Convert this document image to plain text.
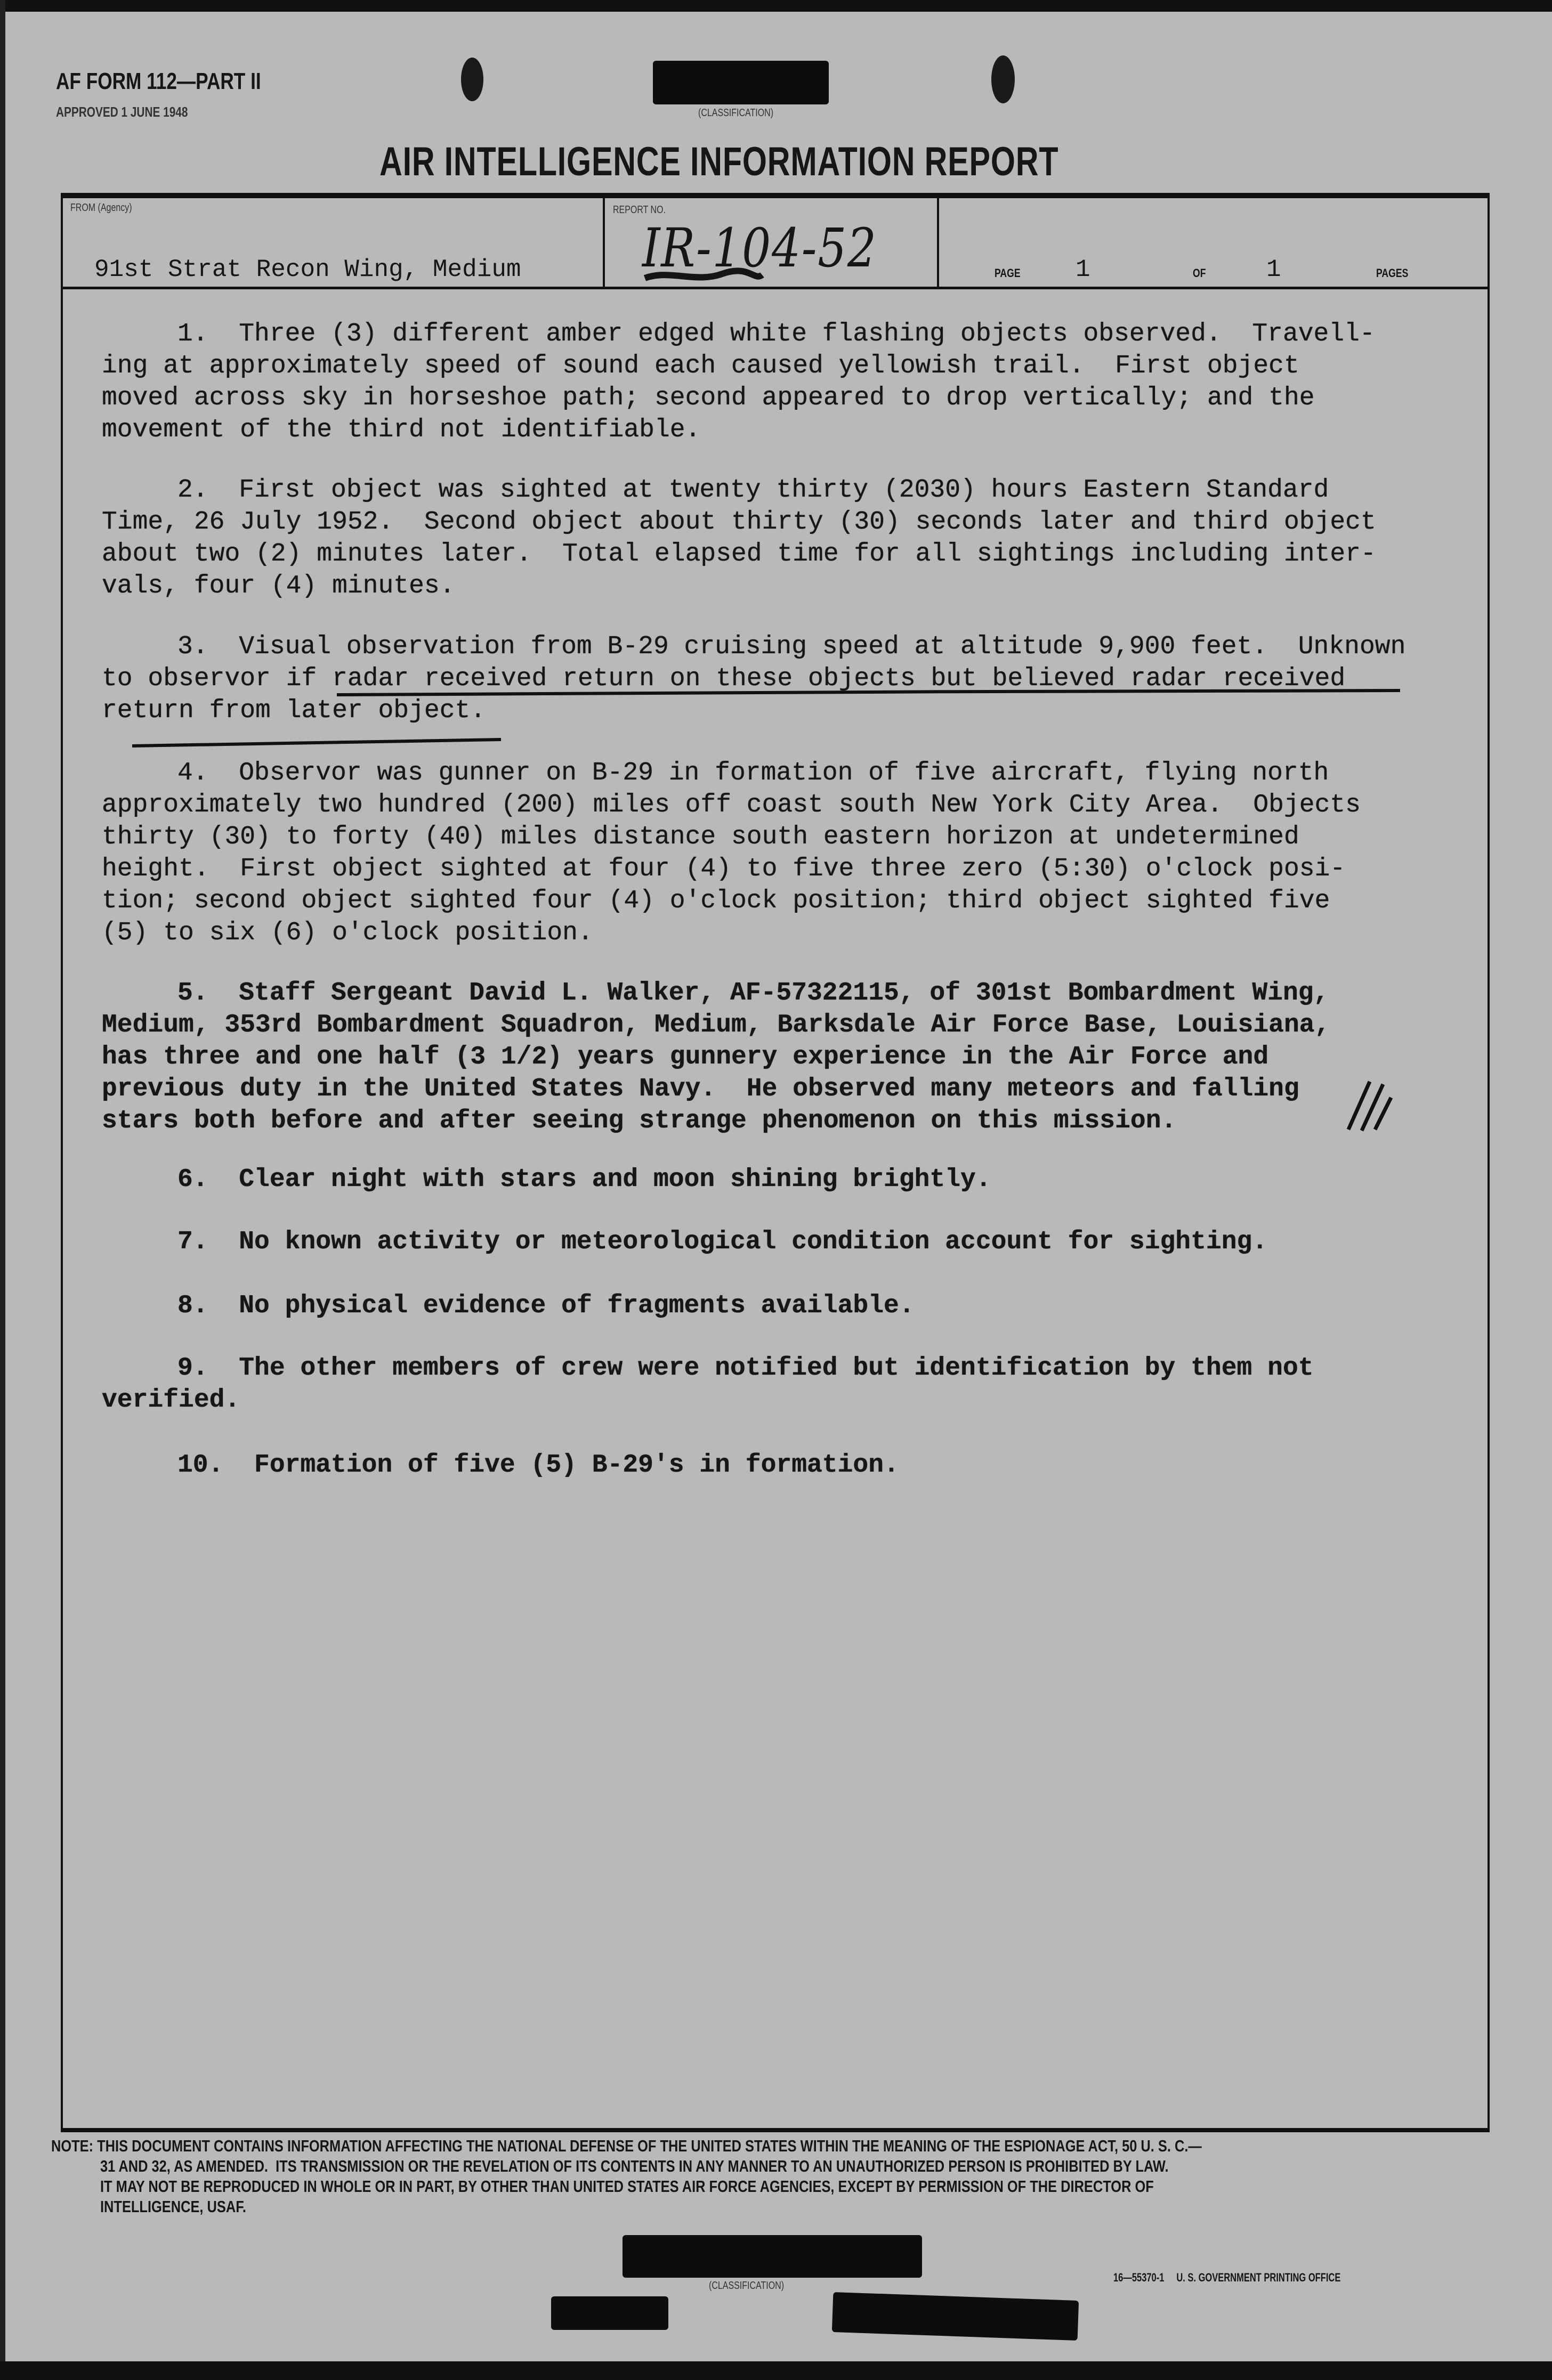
AF FORM 112—PART II
APPROVED 1 JUNE 1948	(CLASSIFICATION)
AIR INTELLIGENCE INFORMATION REPORT
FROM (Agency)
91st Strat Recon Wing, Medium
REPORT NO.
IR-104-52	PAGE 1	OF 1	PAGES
1.  Three (3) different amber edged white flashing objects observed.  Travell-
ing at approximately speed of sound each caused yellowish trail.  First object
moved across sky in horseshoe path; second appeared to drop vertically; and the
movement of the third not identifiable.
2.  First object was sighted at twenty thirty (2030) hours Eastern Standard
Time, 26 July 1952.  Second object about thirty (30) seconds later and third object
about two (2) minutes later.  Total elapsed time for all sightings including inter-
vals, four (4) minutes.
3.  Visual observation from B-29 cruising speed at altitude 9,900 feet.  Unknown
to observor if radar received return on these objects but believed radar received
return from later object.
4.  Observor was gunner on B-29 in formation of five aircraft, flying north
approximately two hundred (200) miles off coast south New York City Area.  Objects
thirty (30) to forty (40) miles distance south eastern horizon at undetermined
height.  First object sighted at four (4) to five three zero (5:30) o'clock posi-
tion; second object sighted four (4) o'clock position; third object sighted five
(5) to six (6) o'clock position.
5.  Staff Sergeant David L. Walker, AF-57322115, of 301st Bombardment Wing,
Medium, 353rd Bombardment Squadron, Medium, Barksdale Air Force Base, Louisiana,
has three and one half (3 1/2) years gunnery experience in the Air Force and
previous duty in the United States Navy.  He observed many meteors and falling
stars both before and after seeing strange phenomenon on this mission.
6.  Clear night with stars and moon shining brightly.
7.  No known activity or meteorological condition account for sighting.
8.  No physical evidence of fragments available.
9.  The other members of crew were notified but identification by them not
verified.
10.  Formation of five (5) B-29's in formation.
NOTE: THIS DOCUMENT CONTAINS INFORMATION AFFECTING THE NATIONAL DEFENSE OF THE UNITED STATES WITHIN THE MEANING OF THE ESPIONAGE ACT, 50 U. S. C.—
31 AND 32, AS AMENDED.  ITS TRANSMISSION OR THE REVELATION OF ITS CONTENTS IN ANY MANNER TO AN UNAUTHORIZED PERSON IS PROHIBITED BY LAW.
IT MAY NOT BE REPRODUCED IN WHOLE OR IN PART, BY OTHER THAN UNITED STATES AIR FORCE AGENCIES, EXCEPT BY PERMISSION OF THE DIRECTOR OF
INTELLIGENCE, USAF.
(CLASSIFICATION)
16—55370-1     U. S. GOVERNMENT PRINTING OFFICE
